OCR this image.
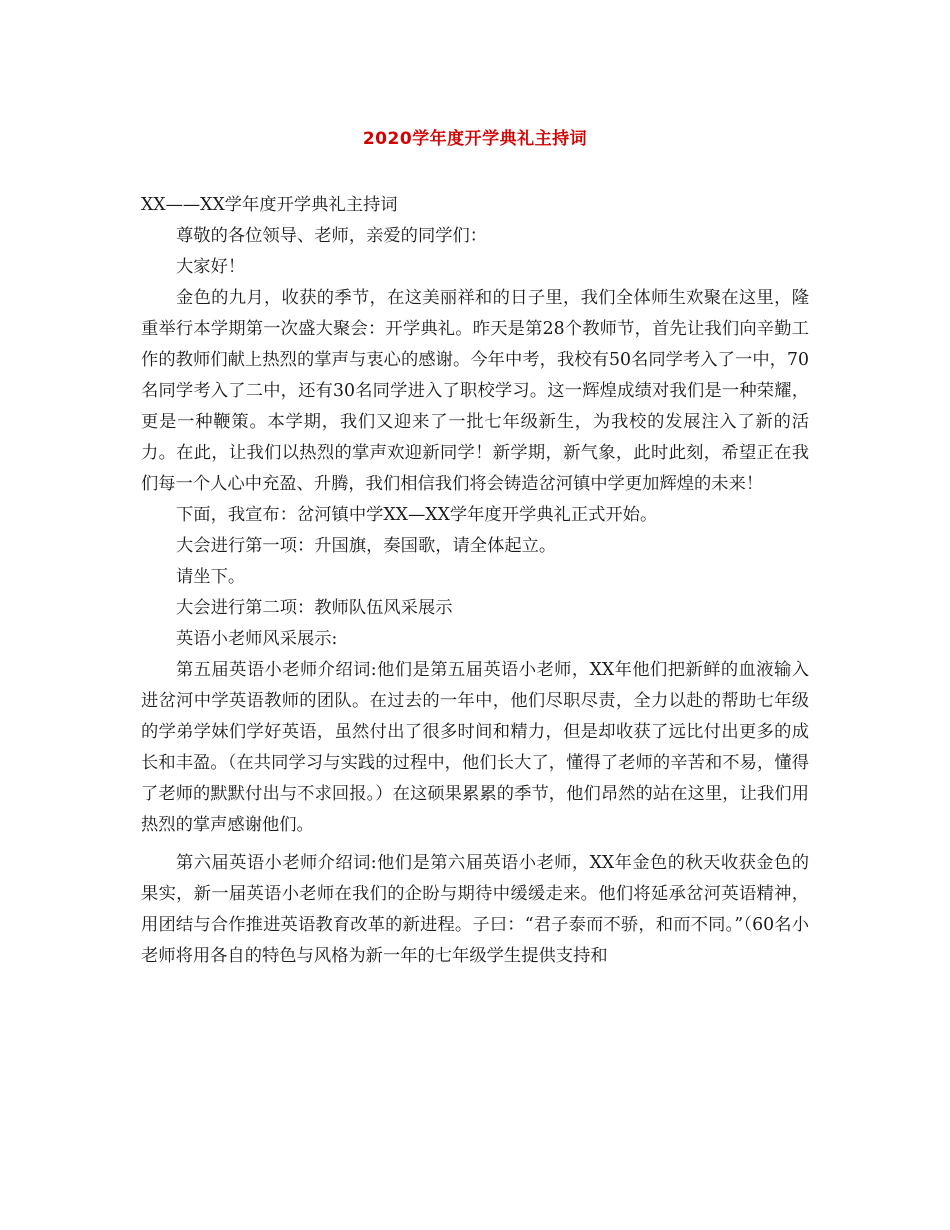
2020学年度开学典礼主持词

XX——XX学年度开学典礼主持词

尊敬的各位领导、老师，亲爱的同学们：

大家好！

金色的九月，收获的季节，在这美丽祥和的日子里，我们全体师生欢聚在这里，隆重举行本学期第一次盛大聚会：开学典礼。昨天是第28个教师节，首先让我们向辛勤工作的教师们献上热烈的掌声与衷心的感谢。今年中考，我校有50名同学考入了一中，70名同学考入了二中，还有30名同学进入了职校学习。这一辉煌成绩对我们是一种荣耀，更是一种鞭策。本学期，我们又迎来了一批七年级新生，为我校的发展注入了新的活力。在此，让我们以热烈的掌声欢迎新同学！新学期，新气象，此时此刻，希望正在我们每一个人心中充盈、升腾，我们相信我们将会铸造岔河镇中学更加辉煌的未来！

下面，我宣布：岔河镇中学XX—XX学年度开学典礼正式开始。

大会进行第一项：升国旗，奏国歌，请全体起立。

请坐下。

大会进行第二项：教师队伍风采展示

英语小老师风采展示:

第五届英语小老师介绍词:他们是第五届英语小老师，XX年他们把新鲜的血液输入进岔河中学英语教师的团队。在过去的一年中，他们尽职尽责，全力以赴的帮助七年级的学弟学妹们学好英语，虽然付出了很多时间和精力，但是却收获了远比付出更多的成长和丰盈。（在共同学习与实践的过程中，他们长大了，懂得了老师的辛苦和不易，懂得了老师的默默付出与不求回报。）在这硕果累累的季节，他们昂然的站在这里，让我们用热烈的掌声感谢他们。

第六届英语小老师介绍词:他们是第六届英语小老师，XX年金色的秋天收获金色的果实，新一届英语小老师在我们的企盼与期待中缓缓走来。他们将延承岔河英语精神，用团结与合作推进英语教育改革的新进程。子曰：“君子泰而不骄，和而不同。”（60名小老师将用各自的特色与风格为新一年的七年级学生提供支持和
